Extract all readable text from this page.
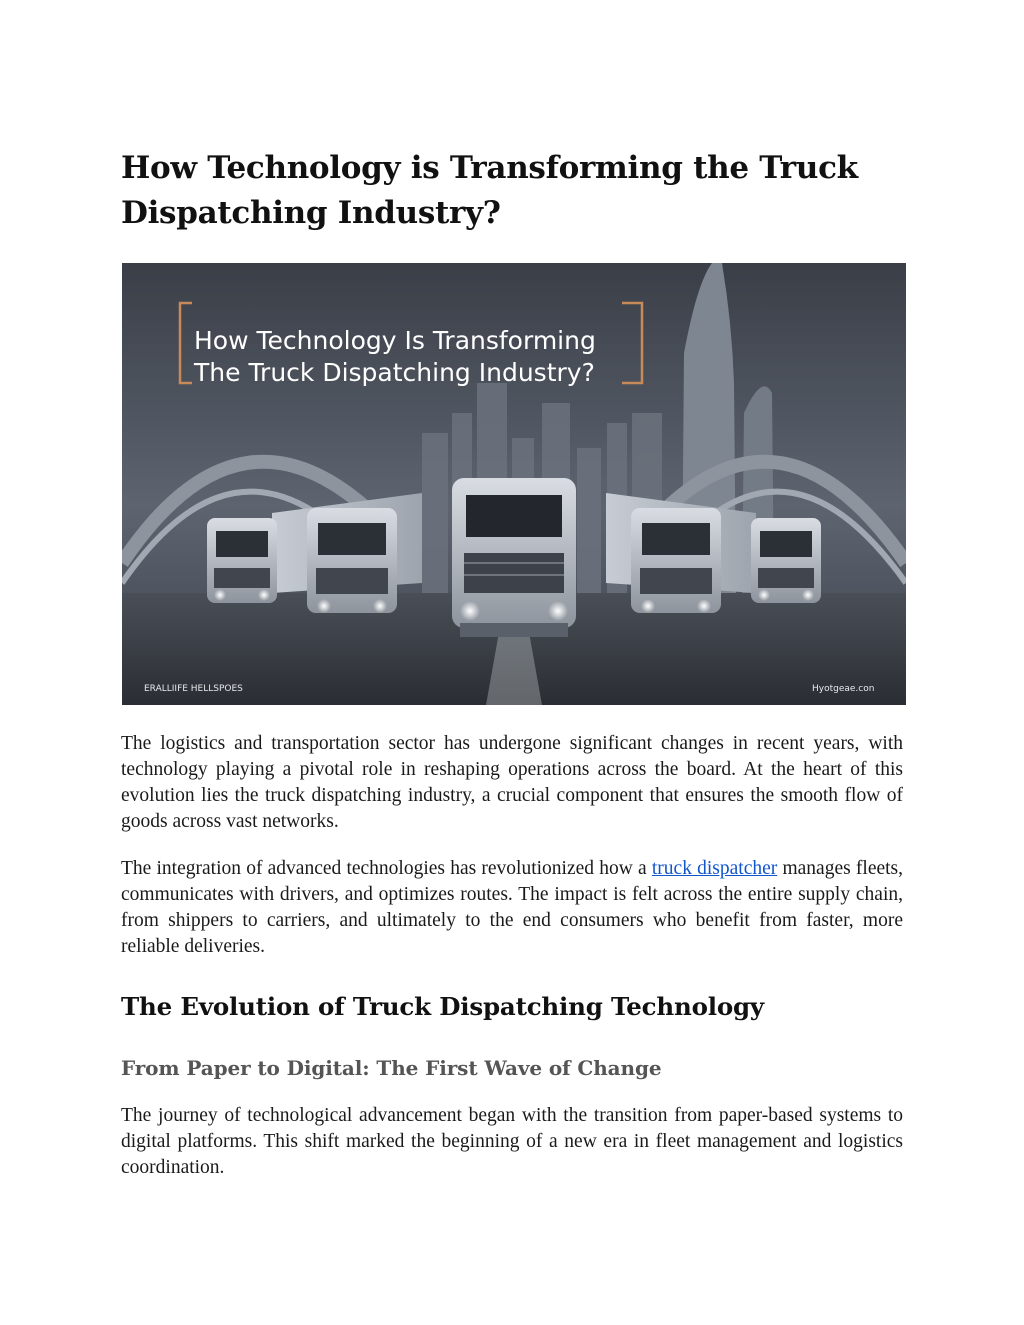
How Technology is Transforming the Truck Dispatching Industry?
How Technology Is Transforming
The Truck Dispatching Industry?
ERALLIIFE HELLSPOES	Hyotgeae.con

The logistics and transportation sector has undergone significant changes in recent years, with technology playing a pivotal role in reshaping operations across the board. At the heart of this evolution lies the truck dispatching industry, a crucial component that ensures the smooth flow of goods across vast networks.

The integration of advanced technologies has revolutionized how a truck dispatcher manages fleets, communicates with drivers, and optimizes routes. The impact is felt across the entire supply chain, from shippers to carriers, and ultimately to the end consumers who benefit from faster, more reliable deliveries.

The Evolution of Truck Dispatching Technology
From Paper to Digital: The First Wave of Change

The journey of technological advancement began with the transition from paper-based systems to digital platforms. This shift marked the beginning of a new era in fleet management and logistics coordination.
